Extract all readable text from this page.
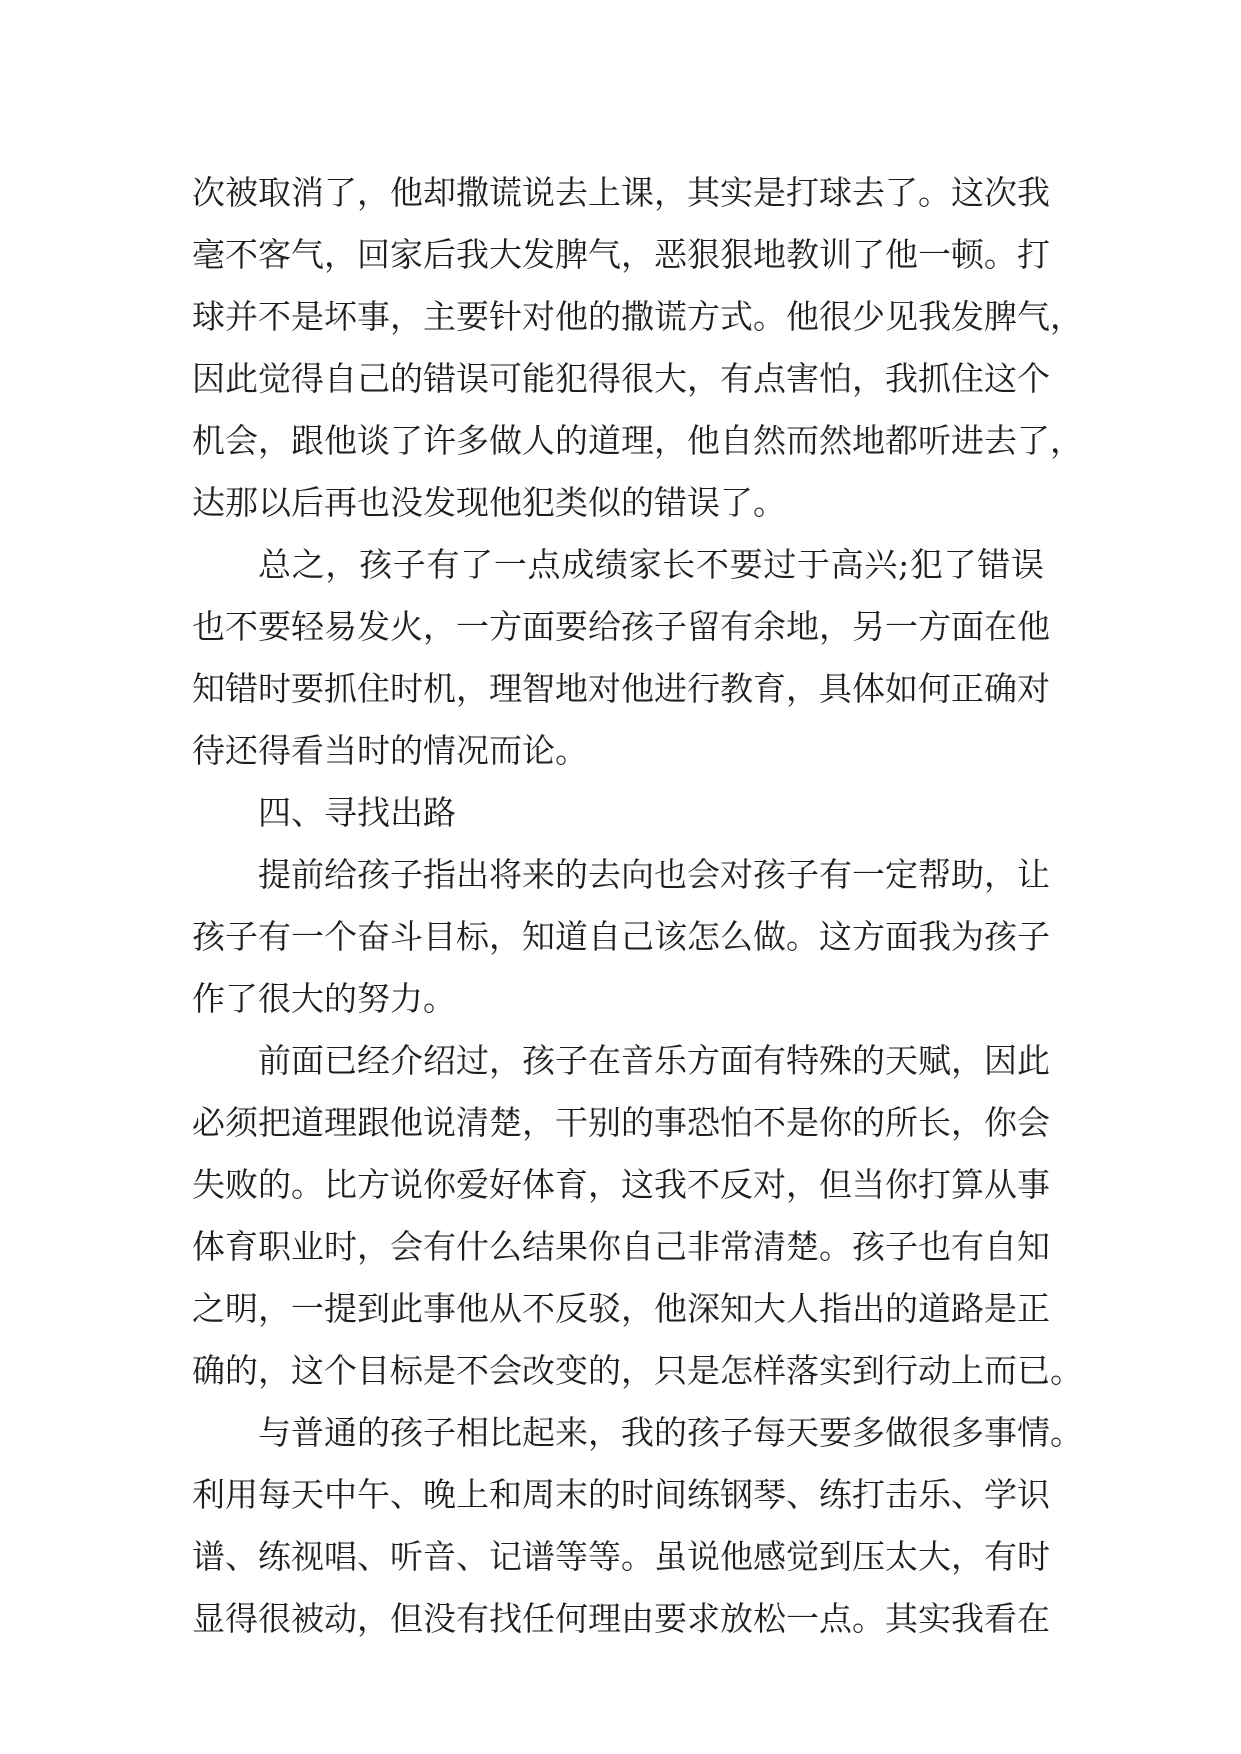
次被取消了，他却撒谎说去上课，其实是打球去了。这次我
毫不客气，回家后我大发脾气，恶狠狠地教训了他一顿。打
球并不是坏事，主要针对他的撒谎方式。他很少见我发脾气，
因此觉得自己的错误可能犯得很大，有点害怕，我抓住这个
机会，跟他谈了许多做人的道理，他自然而然地都听进去了，
达那以后再也没发现他犯类似的错误了。
总之，孩子有了一点成绩家长不要过于高兴;犯了错误
也不要轻易发火，一方面要给孩子留有余地，另一方面在他
知错时要抓住时机，理智地对他进行教育，具体如何正确对
待还得看当时的情况而论。
四、寻找出路
提前给孩子指出将来的去向也会对孩子有一定帮助，让
孩子有一个奋斗目标，知道自己该怎么做。这方面我为孩子
作了很大的努力。
前面已经介绍过，孩子在音乐方面有特殊的天赋，因此
必须把道理跟他说清楚，干别的事恐怕不是你的所长，你会
失败的。比方说你爱好体育，这我不反对，但当你打算从事
体育职业时，会有什么结果你自己非常清楚。孩子也有自知
之明，一提到此事他从不反驳，他深知大人指出的道路是正
确的，这个目标是不会改变的，只是怎样落实到行动上而已。
与普通的孩子相比起来，我的孩子每天要多做很多事情。
利用每天中午、晚上和周末的时间练钢琴、练打击乐、学识
谱、练视唱、听音、记谱等等。虽说他感觉到压太大，有时
显得很被动，但没有找任何理由要求放松一点。其实我看在
